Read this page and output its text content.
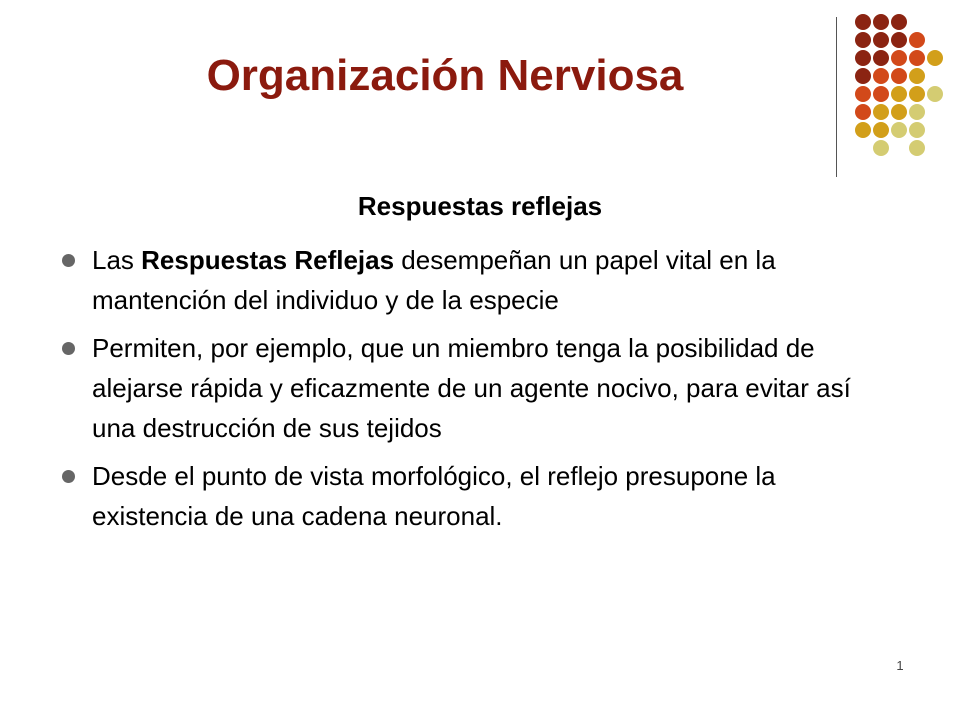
Organización Nerviosa
Respuestas reflejas
Las Respuestas Reflejas desempeñan un papel vital en la mantención del individuo y de la especie
Permiten, por ejemplo, que un miembro tenga la posibilidad de alejarse rápida y eficazmente de un agente nocivo, para evitar así una destrucción de sus tejidos
Desde el punto de vista morfológico, el reflejo presupone la existencia de una cadena neuronal.
1
